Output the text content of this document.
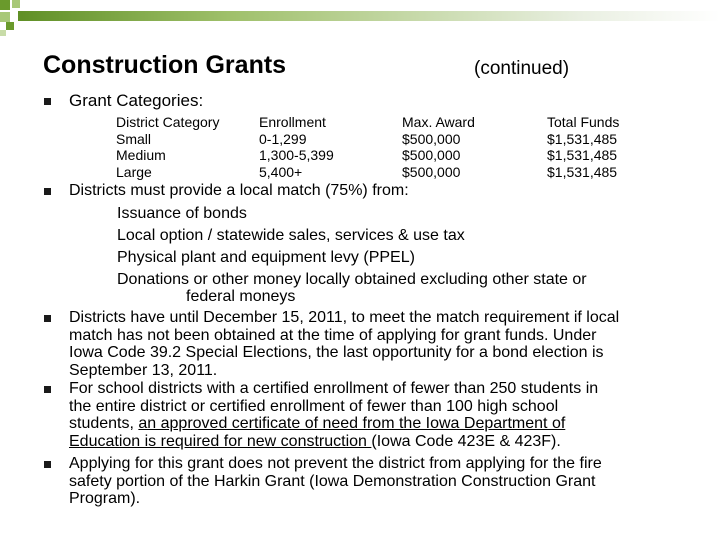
Construction Grants	(continued)
Grant Categories:
District Category
Small
Medium
Large
Enrollment
0-1,299
1,300-5,399
5,400+
Max. Award
$500,000
$500,000
$500,000
Total Funds
$1,531,485
$1,531,485
$1,531,485
Districts must provide a local match (75%) from:
Issuance of bonds
Local option / statewide sales, services & use tax
Physical plant and equipment levy (PPEL)
Donations or other money locally obtained excluding other state or
federal moneys
Districts have until December 15, 2011, to meet the match requirement if local
match has not been obtained at the time of applying for grant funds. Under
Iowa Code 39.2 Special Elections, the last opportunity for a bond election is
September 13, 2011.
For school districts with a certified enrollment of fewer than 250 students in
the entire district or certified enrollment of fewer than 100 high school
students, an approved certificate of need from the Iowa Department of
Education is required for new construction (Iowa Code 423E & 423F).
Applying for this grant does not prevent the district from applying for the fire
safety portion of the Harkin Grant (Iowa Demonstration Construction Grant
Program).
